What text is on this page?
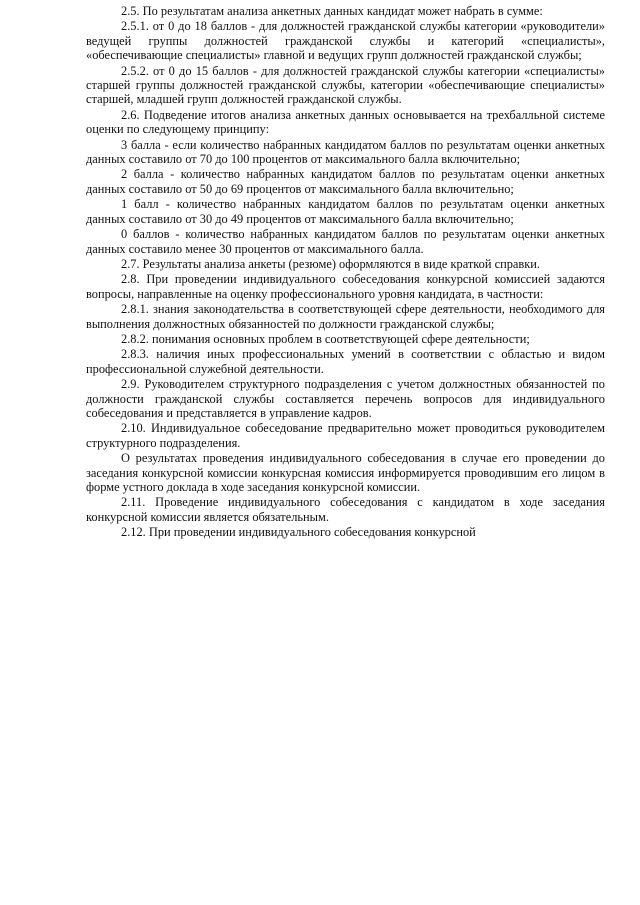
2.5. По результатам анализа анкетных данных кандидат может набрать в сумме:

2.5.1. от 0 до 18 баллов - для должностей гражданской службы категории «руководители» ведущей группы должностей гражданской службы и категорий «специалисты», «обеспечивающие специалисты» главной и ведущих групп должностей гражданской службы;

2.5.2. от 0 до 15 баллов - для должностей гражданской службы категории «специалисты» старшей группы должностей гражданской службы, категории «обеспечивающие специалисты» старшей, младшей групп должностей гражданской службы.

2.6. Подведение итогов анализа анкетных данных основывается на трехбалльной системе оценки по следующему принципу:

3 балла - если количество набранных кандидатом баллов по результатам оценки анкетных данных составило от 70 до 100 процентов от максимального балла включительно;

2 балла - количество набранных кандидатом баллов по результатам оценки анкетных данных составило от 50 до 69 процентов от максимального балла включительно;

1 балл - количество набранных кандидатом баллов по результатам оценки анкетных данных составило от 30 до 49 процентов от максимального балла включительно;

0 баллов - количество набранных кандидатом баллов по результатам оценки анкетных данных составило менее 30 процентов от максимального балла.

2.7. Результаты анализа анкеты (резюме) оформляются в виде краткой справки.

2.8. При проведении индивидуального собеседования конкурсной комиссией задаются вопросы, направленные на оценку профессионального уровня кандидата, в частности:

2.8.1. знания законодательства в соответствующей сфере деятельности, необходимого для выполнения должностных обязанностей по должности гражданской службы;

2.8.2. понимания основных проблем в соответствующей сфере деятельности;

2.8.3. наличия иных профессиональных умений в соответствии с областью и видом профессиональной служебной деятельности.

2.9. Руководителем структурного подразделения с учетом должностных обязанностей по должности гражданской службы составляется перечень вопросов для индивидуального собеседования и представляется в управление кадров.

2.10. Индивидуальное собеседование предварительно может проводиться руководителем структурного подразделения.

О результатах проведения индивидуального собеседования в случае его проведении до заседания конкурсной комиссии конкурсная комиссия информируется проводившим его лицом в форме устного доклада в ходе заседания конкурсной комиссии.

2.11. Проведение индивидуального собеседования с кандидатом в ходе заседания конкурсной комиссии является обязательным.

2.12. При проведении индивидуального собеседования конкурсной
